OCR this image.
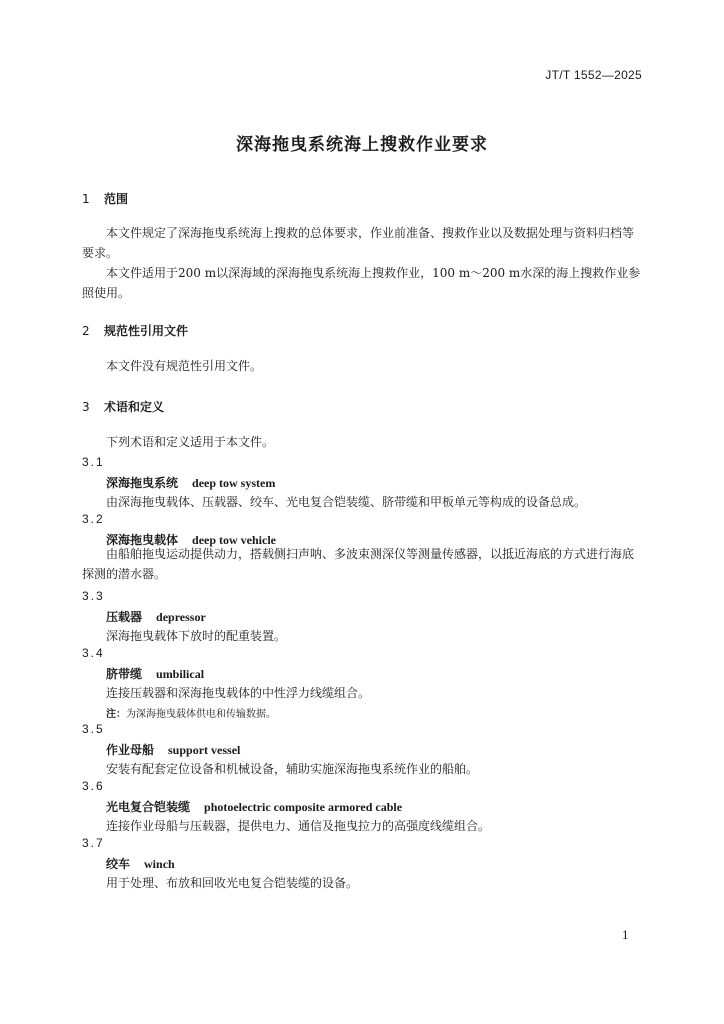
JT/T 1552—2025
深海拖曳系统海上搜救作业要求
1 范围
本文件规定了深海拖曳系统海上搜救的总体要求，作业前准备、搜救作业以及数据处理与资料归档等要求。
本文件适用于200 m以深海域的深海拖曳系统海上搜救作业，100 m～200 m水深的海上搜救作业参照使用。
2 规范性引用文件
本文件没有规范性引用文件。
3 术语和定义
下列术语和定义适用于本文件。
3.1
深海拖曳系统 deep tow system
由深海拖曳载体、压载器、绞车、光电复合铠装缆、脐带缆和甲板单元等构成的设备总成。
3.2
深海拖曳载体 deep tow vehicle
由船舶拖曳运动提供动力，搭载侧扫声呐、多波束测深仪等测量传感器，以抵近海底的方式进行海底探测的潜水器。
3.3
压载器 depressor
深海拖曳载体下放时的配重装置。
3.4
脐带缆 umbilical
连接压载器和深海拖曳载体的中性浮力线缆组合。
注：为深海拖曳载体供电和传输数据。
3.5
作业母船 support vessel
安装有配套定位设备和机械设备，辅助实施深海拖曳系统作业的船舶。
3.6
光电复合铠装缆 photoelectric composite armored cable
连接作业母船与压载器，提供电力、通信及拖曳拉力的高强度线缆组合。
3.7
绞车 winch
用于处理、布放和回收光电复合铠装缆的设备。
1
